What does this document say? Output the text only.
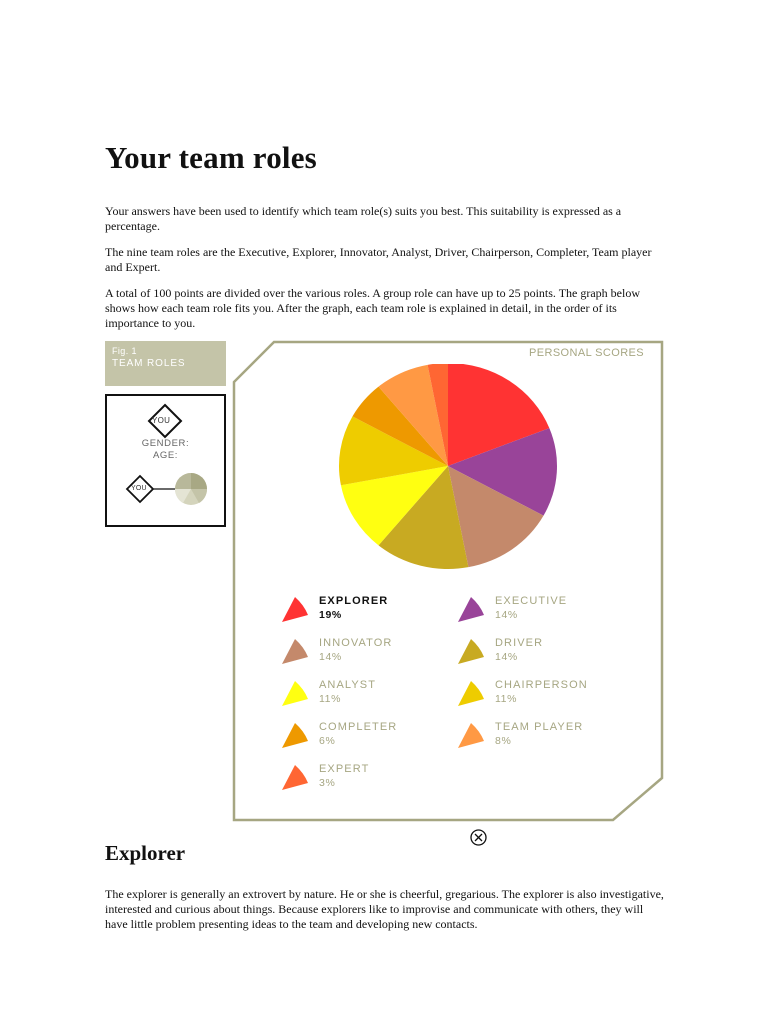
Your team roles

Your answers have been used to identify which team role(s) suits you best. This suitability is expressed as a percentage.

The nine team roles are the Executive, Explorer, Innovator, Analyst, Driver, Chairperson, Completer, Team player and Expert.

A total of 100 points are divided over the various roles. A group role can have up to 25 points. The graph below shows how each team role fits you. After the graph, each team role is explained in detail, in the order of its importance to you.

Fig. 1
TEAM ROLES
YOU
YOU
GENDER:
AGE:
PERSONAL SCORES
EXPLORER
19%
EXECUTIVE
14%
INNOVATOR
14%
DRIVER
14%
ANALYST
11%
CHAIRPERSON
11%
COMPLETER
6%
TEAM PLAYER
8%
EXPERT
3%
Explorer

The explorer is generally an extrovert by nature. He or she is cheerful, gregarious. The explorer is also investigative, interested and curious about things. Because explorers like to improvise and communicate with others, they will have little problem presenting ideas to the team and developing new contacts.
